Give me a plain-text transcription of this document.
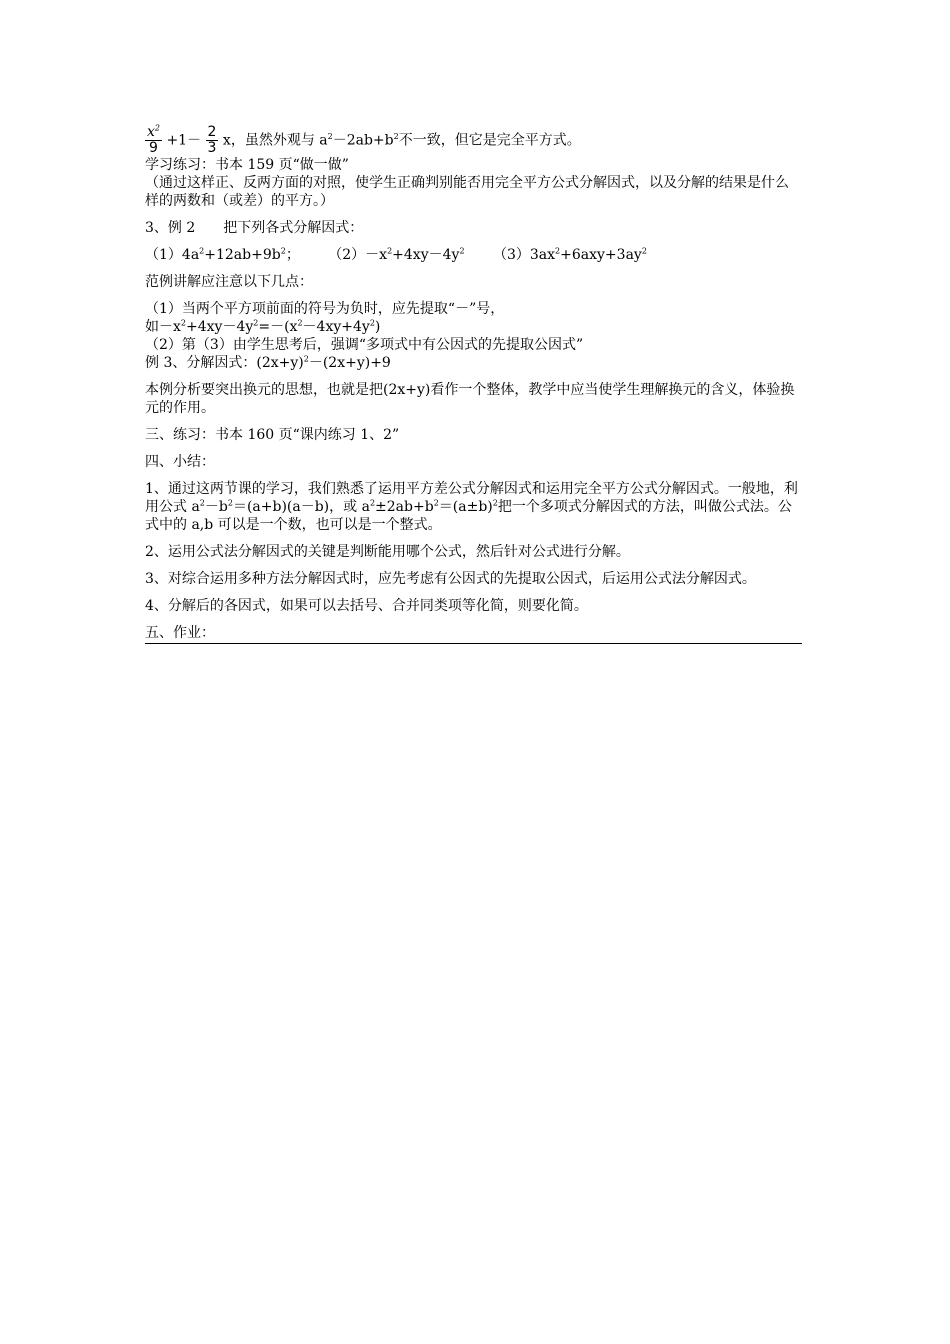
$\frac{x^2}{9} +1- \frac{2}{3}$ x，虽然外观与 $a^2-2ab+b^2$不一致，但它是完全平方式。

学习练习：书本 159 页“做一做”

（通过这样正、反两方面的对照，使学生正确判别能否用完全平方公式分解因式，以及分解的结果是什么样的两数和（或差）的平方。）

3、例 2　　把下列各式分解因式：

$(1)4a^2+12ab+9b^2$； $(2)-x^2+4xy-4y^2$ $(3)3ax^2+6axy+3ay^2$

范例讲解应注意以下几点：

（1）当两个平方项前面的符号为负时，应先提取“－”号，

如$-x^2+4xy-4y^2=-(x^2-4xy+4y^2)$

（2）第（3）由学生思考后，强调“多项式中有公因式的先提取公因式”

例 3、分解因式：$(2x+y)^2-(2x+y)+9$

本例分析要突出换元的思想，也就是把(2x+y)看作一个整体，教学中应当使学生理解换元的含义，体验换元的作用。

三、练习：书本 160 页“课内练习 1、2”

四、小结：

1、通过这两节课的学习，我们熟悉了运用平方差公式分解因式和运用完全平方公式分解因式。一般地，利用公式 $a^2-b^2=(a+b)(a-b)$，或 $a^2\pm 2ab+b^2=(a\pm b)^2$把一个多项式分解因式的方法，叫做公式法。公式中的 a,b 可以是一个数，也可以是一个整式。

2、运用公式法分解因式的关键是判断能用哪个公式，然后针对公式进行分解。

3、对综合运用多种方法分解因式时，应先考虑有公因式的先提取公因式，后运用公式法分解因式。

4、分解后的各因式，如果可以去括号、合并同类项等化简，则要化简。

五、作业：
